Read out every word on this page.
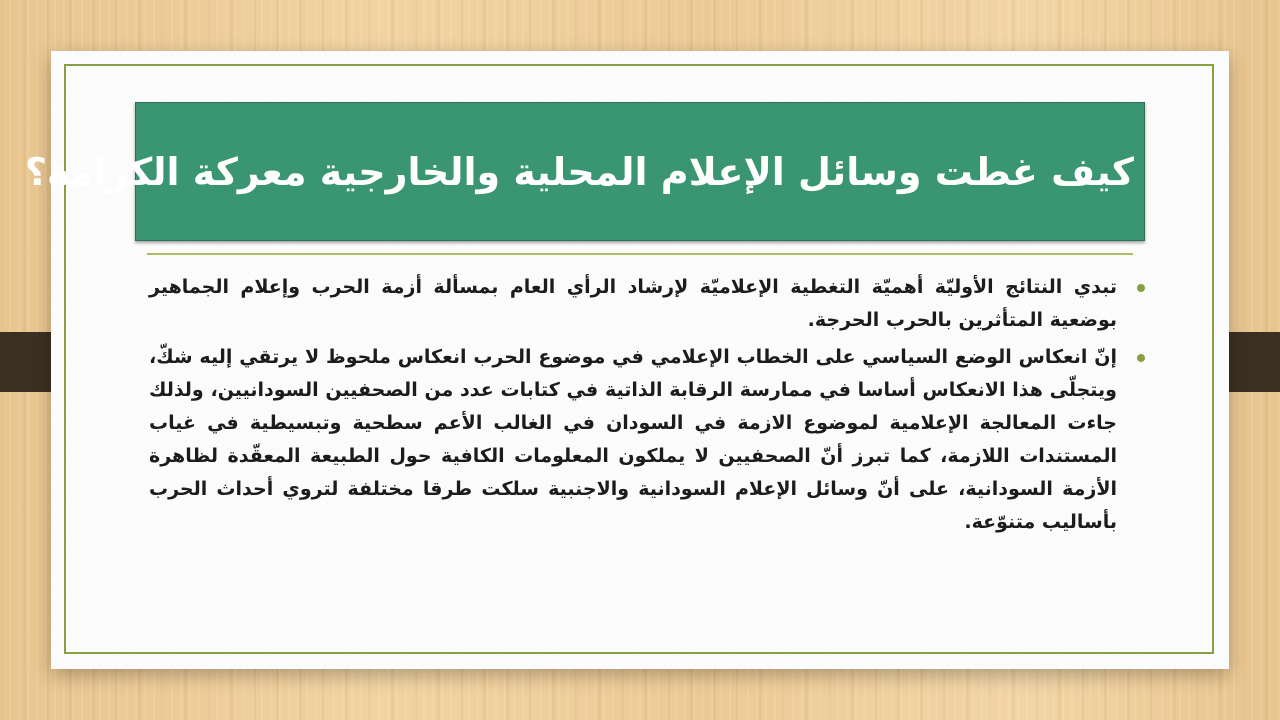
كيف غطت وسائل الإعلام المحلية والخارجية معركة الكرامة؟
تبدي النتائج الأوليّة أهميّة التغطية الإعلاميّة لإرشاد الرأي العام بمسألة أزمة الحرب وإعلام الجماهير بوضعية المتأثرين بالحرب الحرجة.
إنّ انعكاس الوضع السياسي على الخطاب الإعلامي في موضوع الحرب انعكاس ملحوظ لا يرتقي إليه شكّ، ويتجلّى هذا الانعكاس أساسا في ممارسة الرقابة الذاتية في كتابات عدد من الصحفيين السودانيين، ولذلك جاءت المعالجة الإعلامية لموضوع الازمة في السودان في الغالب الأعم سطحية وتبسيطية في غياب المستندات اللازمة، كما تبرز أنّ الصحفيين لا يملكون المعلومات الكافية حول الطبيعة المعقّدة لظاهرة الأزمة السودانية، على أنّ وسائل الإعلام السودانية والاجنبية سلكت طرقا مختلفة لتروي أحداث الحرب بأساليب متنوّعة.
